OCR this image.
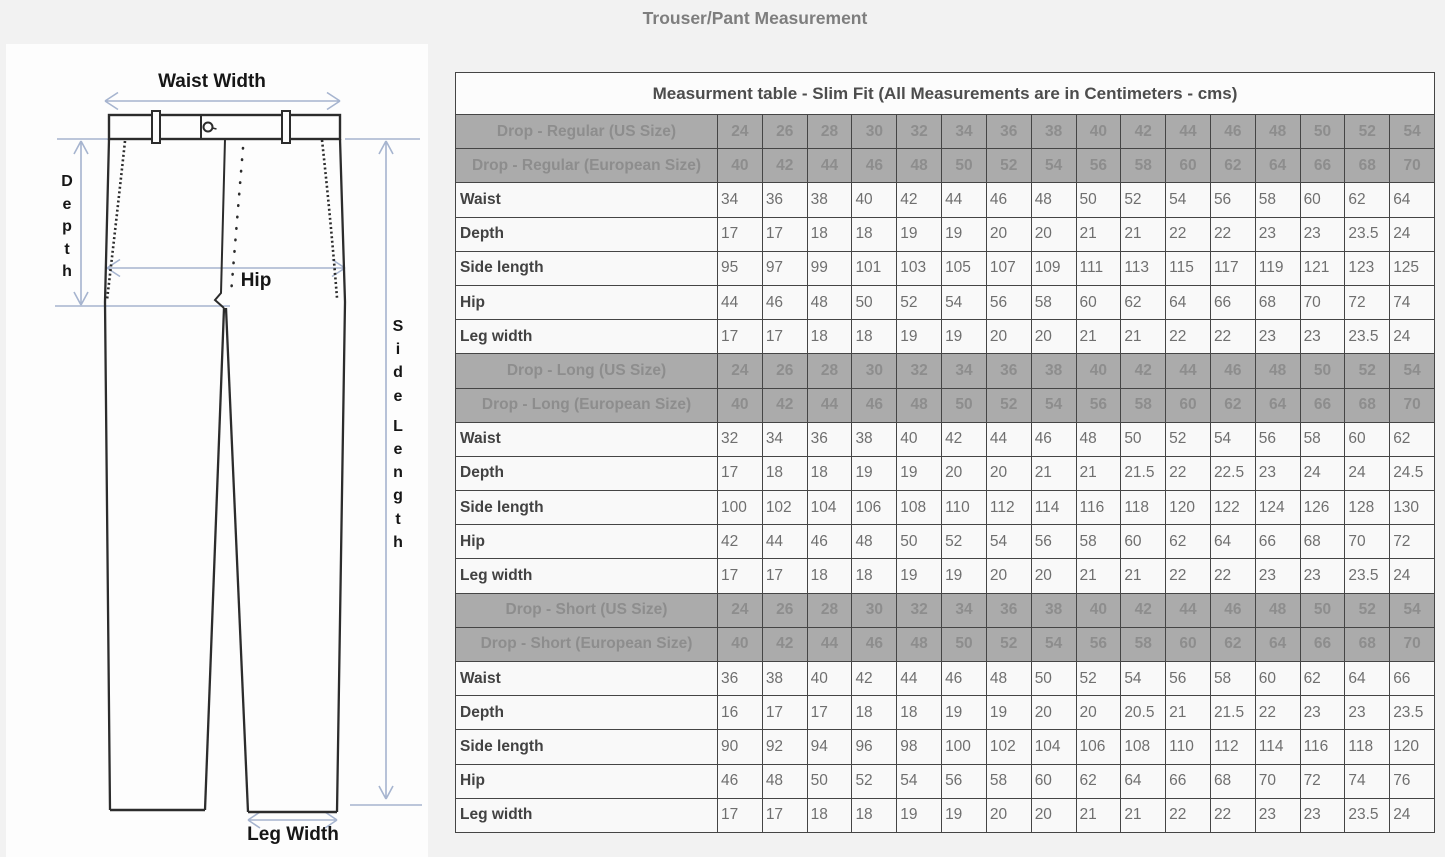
Trouser/Pant Measurement
Waist Width
D
e
p
t
h	Hip
S
i
d
e
L
e
n
g
t
h
Leg Width
Measurment table - Slim Fit (All Measurements are in Centimeters - cms)																
Drop - Regular (US Size)	24	26	28	30	32	34	36	38	40	42	44	46	48	50	52	54
Drop - Regular (European Size)	40	42	44	46	48	50	52	54	56	58	60	62	64	66	68	70
Waist	34	36	38	40	42	44	46	48	50	52	54	56	58	60	62	64
Depth	17	17	18	18	19	19	20	20	21	21	22	22	23	23	23.5	24
Side length	95	97	99	101	103	105	107	109	111	113	115	117	119	121	123	125
Hip	44	46	48	50	52	54	56	58	60	62	64	66	68	70	72	74
Leg width	17	17	18	18	19	19	20	20	21	21	22	22	23	23	23.5	24
Drop - Long (US Size)	24	26	28	30	32	34	36	38	40	42	44	46	48	50	52	54
Drop - Long (European Size)	40	42	44	46	48	50	52	54	56	58	60	62	64	66	68	70
Waist	32	34	36	38	40	42	44	46	48	50	52	54	56	58	60	62
Depth	17	18	18	19	19	20	20	21	21	21.5	22	22.5	23	24	24	24.5
Side length	100	102	104	106	108	110	112	114	116	118	120	122	124	126	128	130
Hip	42	44	46	48	50	52	54	56	58	60	62	64	66	68	70	72
Leg width	17	17	18	18	19	19	20	20	21	21	22	22	23	23	23.5	24
Drop - Short (US Size)	24	26	28	30	32	34	36	38	40	42	44	46	48	50	52	54
Drop - Short (European Size)	40	42	44	46	48	50	52	54	56	58	60	62	64	66	68	70
Waist	36	38	40	42	44	46	48	50	52	54	56	58	60	62	64	66
Depth	16	17	17	18	18	19	19	20	20	20.5	21	21.5	22	23	23	23.5
Side length	90	92	94	96	98	100	102	104	106	108	110	112	114	116	118	120
Hip	46	48	50	52	54	56	58	60	62	64	66	68	70	72	74	76
Leg width	17	17	18	18	19	19	20	20	21	21	22	22	23	23	23.5	24
